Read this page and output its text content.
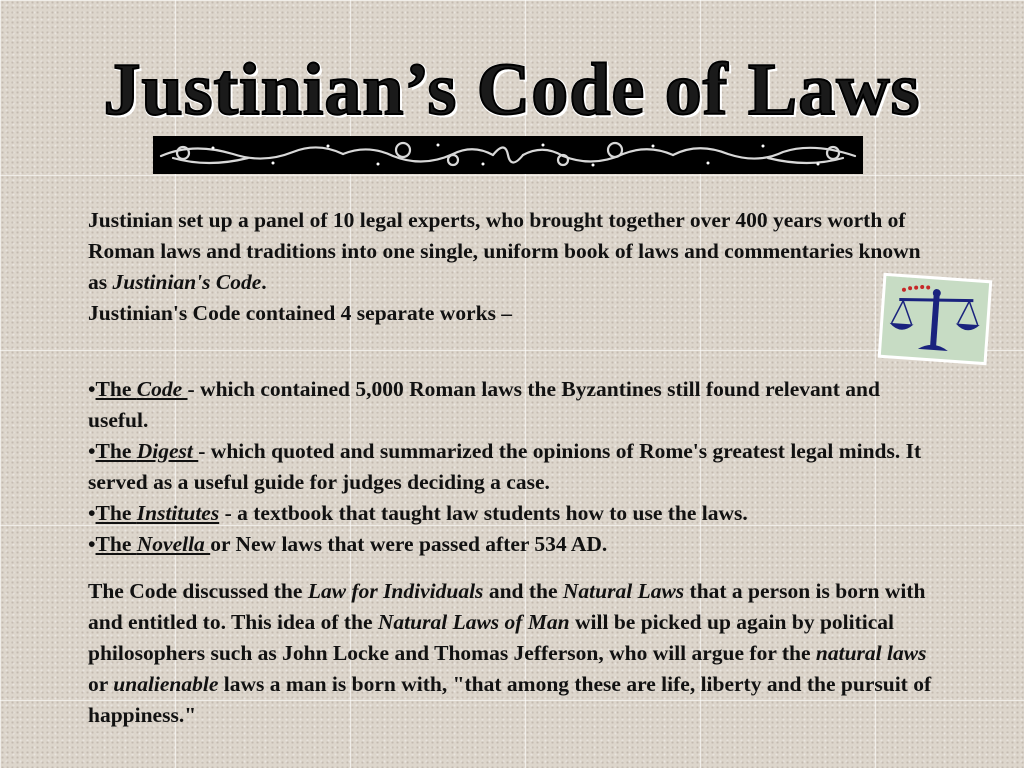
Justinian’s Code of Laws

Justinian set up a panel of 10 legal experts, who brought together over 400 years worth of Roman laws and traditions into one single, uniform book of laws and commentaries known as Justinian's Code.
Justinian's Code contained 4 separate works –

•The Code - which contained 5,000 Roman laws the Byzantines still found relevant and useful.

•The Digest - which quoted and summarized the opinions of Rome's greatest legal minds. It served as a useful guide for judges deciding a case.

•The Institutes - a textbook that taught law students how to use the laws.

•The Novella or New laws that were passed after 534 AD.

The Code discussed the Law for Individuals and the Natural Laws that a person is born with and entitled to. This idea of the Natural Laws of Man will be picked up again by political philosophers such as John Locke and Thomas Jefferson, who will argue for the natural laws or unalienable laws a man is born with, "that among these are life, liberty and the pursuit of happiness."
